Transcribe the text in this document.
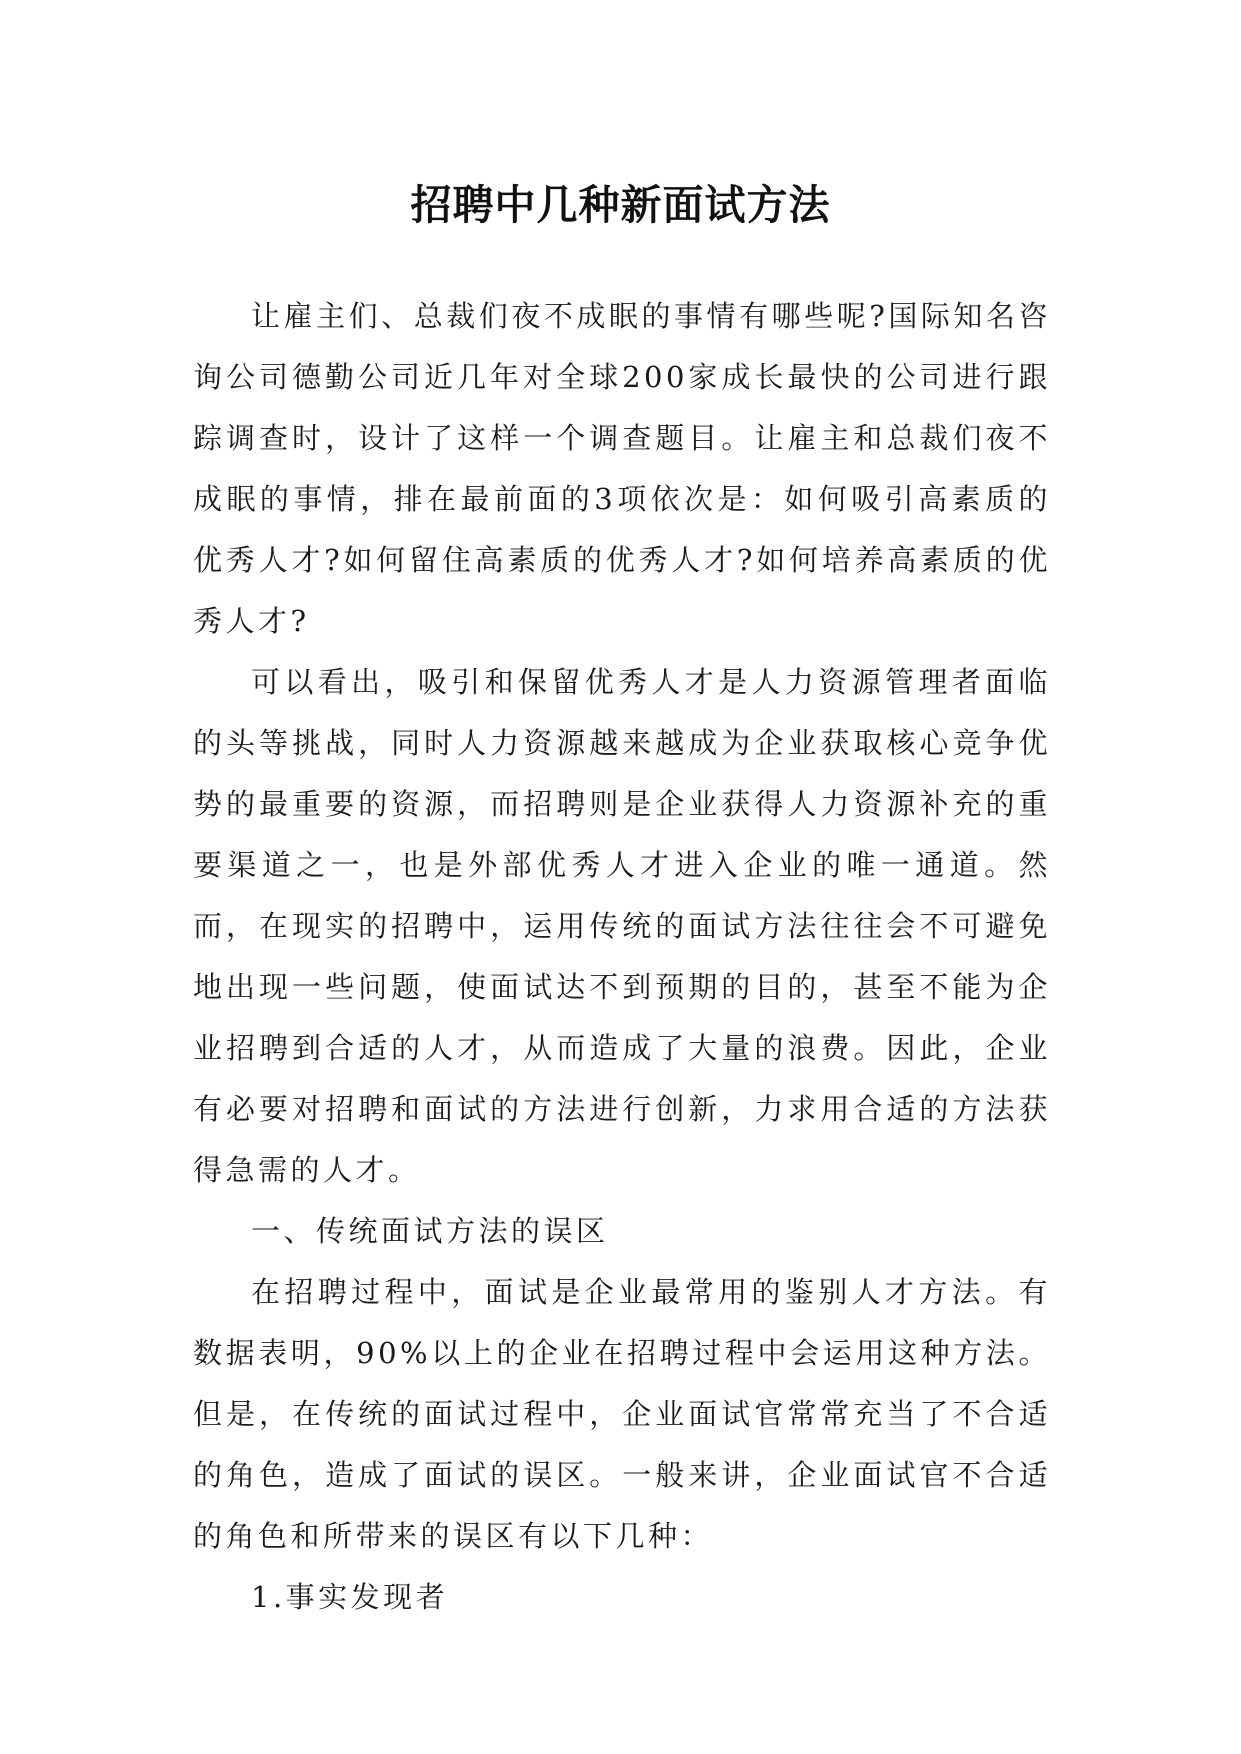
招聘中几种新面试方法

让雇主们、总裁们夜不成眠的事情有哪些呢?国际知名咨询公司德勤公司近几年对全球200家成长最快的公司进行跟踪调查时，设计了这样一个调查题目。让雇主和总裁们夜不成眠的事情，排在最前面的3项依次是：如何吸引高素质的优秀人才?如何留住高素质的优秀人才?如何培养高素质的优秀人才?

可以看出，吸引和保留优秀人才是人力资源管理者面临的头等挑战，同时人力资源越来越成为企业获取核心竞争优势的最重要的资源，而招聘则是企业获得人力资源补充的重要渠道之一，也是外部优秀人才进入企业的唯一通道。然而，在现实的招聘中，运用传统的面试方法往往会不可避免地出现一些问题，使面试达不到预期的目的，甚至不能为企业招聘到合适的人才，从而造成了大量的浪费。因此，企业有必要对招聘和面试的方法进行创新，力求用合适的方法获得急需的人才。

一、传统面试方法的误区

在招聘过程中，面试是企业最常用的鉴别人才方法。有数据表明，90%以上的企业在招聘过程中会运用这种方法。但是，在传统的面试过程中，企业面试官常常充当了不合适的角色，造成了面试的误区。一般来讲，企业面试官不合适的角色和所带来的误区有以下几种：

1.事实发现者
